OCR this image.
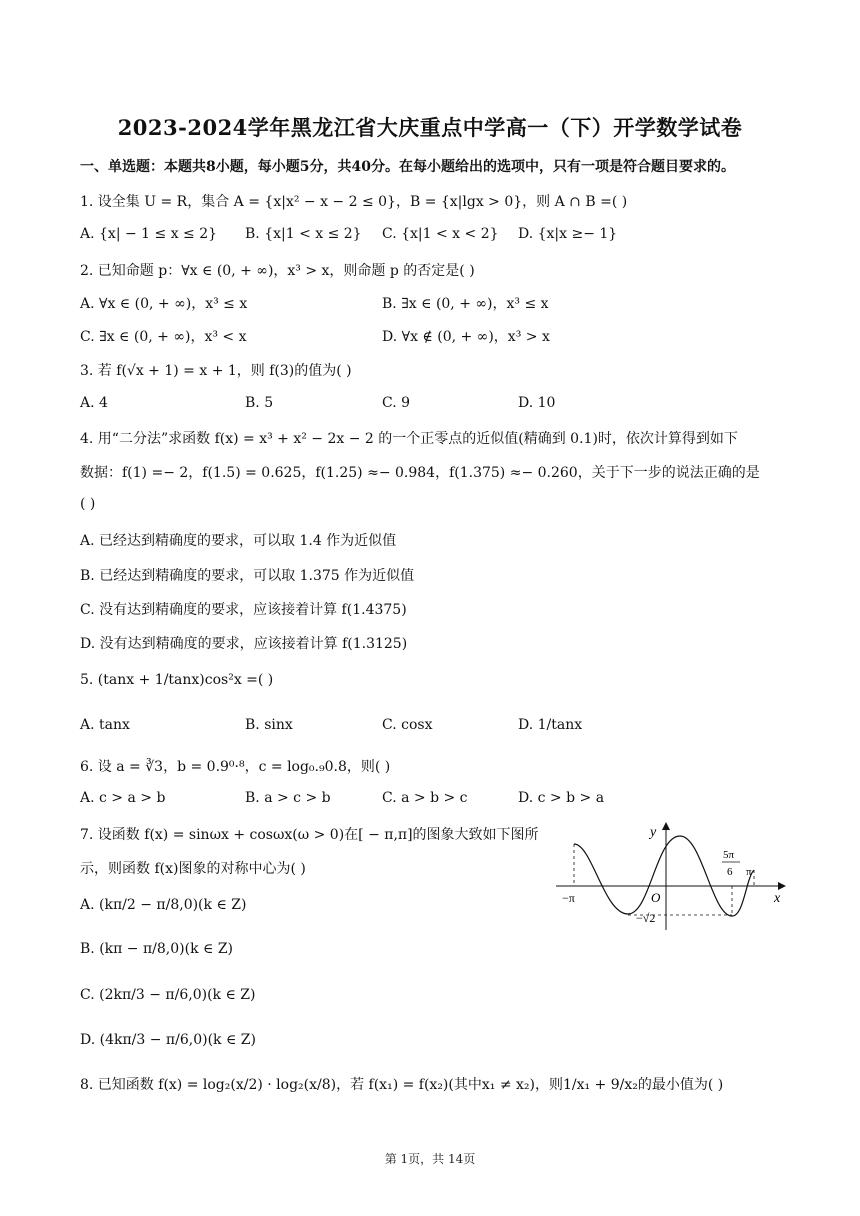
2023-2024学年黑龙江省大庆重点中学高一（下）开学数学试卷
一、单选题：本题共8小题，每小题5分，共40分。在每小题给出的选项中，只有一项是符合题目要求的。
1. 设全集 U = R，集合 A = {x|x² − x − 2 ≤ 0}，B = {x|lgx > 0}，则 A ∩ B =( )
A. {x| − 1 ≤ x ≤ 2} B. {x|1 < x ≤ 2} C. {x|1 < x < 2} D. {x|x ≥− 1}
2. 已知命题 p：∀x ∈ (0, + ∞)，x³ > x，则命题 p 的否定是( )
A. ∀x ∈ (0, + ∞)，x³ ≤ x	B. ∃x ∈ (0, + ∞)，x³ ≤ x
C. ∃x ∈ (0, + ∞)，x³ < x	D. ∀x ∉ (0, + ∞)，x³ > x
3. 若 f(√x + 1) = x + 1，则 f(3)的值为( )
A. 4	B. 5	C. 9	D. 10
4. 用“二分法”求函数 f(x) = x³ + x² − 2x − 2 的一个正零点的近似值(精确到 0.1)时，依次计算得到如下
数据：f(1) =− 2，f(1.5) = 0.625，f(1.25) ≈− 0.984，f(1.375) ≈− 0.260，关于下一步的说法正确的是
( )
A. 已经达到精确度的要求，可以取 1.4 作为近似值
B. 已经达到精确度的要求，可以取 1.375 作为近似值
C. 没有达到精确度的要求，应该接着计算 f(1.4375)
D. 没有达到精确度的要求，应该接着计算 f(1.3125)
5. (tanx + 1/tanx)cos²x =( )
A. tanx	B. sinx	C. cosx	D. 1/tanx
6. 设 a = ∛3，b = 0.9⁰·⁸，c = log₀.₉0.8，则( )
A. c > a > b	B. a > c > b	C. a > b > c	D. c > b > a
7. 设函数 f(x) = sinωx + cosωx(ω > 0)在[ − π,π]的图象大致如下图所
示，则函数 f(x)图象的对称中心为( )
A. (kπ/2 − π/8,0)(k ∈ Z)
B. (kπ − π/8,0)(k ∈ Z)
C. (2kπ/3 − π/6,0)(k ∈ Z)
D. (4kπ/3 − π/6,0)(k ∈ Z)
y
x
−π	O
−√2
5π
6 π
8. 已知函数 f(x) = log₂(x/2) · log₂(x/8)，若 f(x₁) = f(x₂)(其中x₁ ≠ x₂)，则1/x₁ + 9/x₂的最小值为( )
第 1页，共 14页
